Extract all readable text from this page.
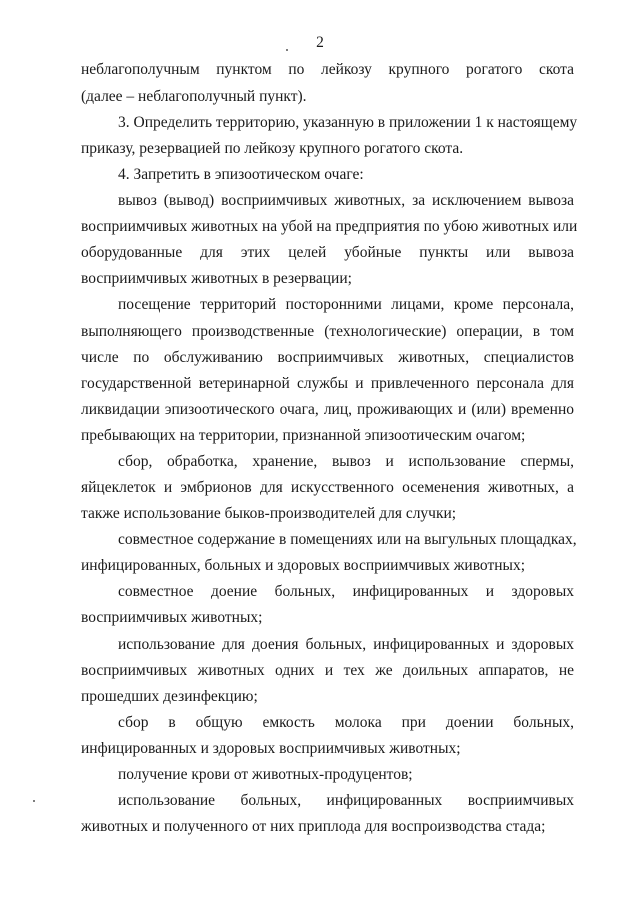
2
неблагополучным пунктом по лейкозу крупного рогатого скота
(далее – неблагополучный пункт).
3. Определить территорию, указанную в приложении 1 к настоящему
приказу, резервацией по лейкозу крупного рогатого скота.
4. Запретить в эпизоотическом очаге:
вывоз (вывод) восприимчивых животных, за исключением вывоза
восприимчивых животных на убой на предприятия по убою животных или
оборудованные для этих целей убойные пункты или вывоза
восприимчивых животных в резервации;
посещение территорий посторонними лицами, кроме персонала,
выполняющего производственные (технологические) операции, в том
числе по обслуживанию восприимчивых животных, специалистов
государственной ветеринарной службы и привлеченного персонала для
ликвидации эпизоотического очага, лиц, проживающих и (или) временно
пребывающих на территории, признанной эпизоотическим очагом;
сбор, обработка, хранение, вывоз и использование спермы,
яйцеклеток и эмбрионов для искусственного осеменения животных, а
также использование быков-производителей для случки;
совместное содержание в помещениях или на выгульных площадках,
инфицированных, больных и здоровых восприимчивых животных;
совместное доение больных, инфицированных и здоровых
восприимчивых животных;
использование для доения больных, инфицированных и здоровых
восприимчивых животных одних и тех же доильных аппаратов, не
прошедших дезинфекцию;
сбор в общую емкость молока при доении больных,
инфицированных и здоровых восприимчивых животных;
получение крови от животных-продуцентов;
использование больных, инфицированных восприимчивых
животных и полученного от них приплода для воспроизводства стада;
